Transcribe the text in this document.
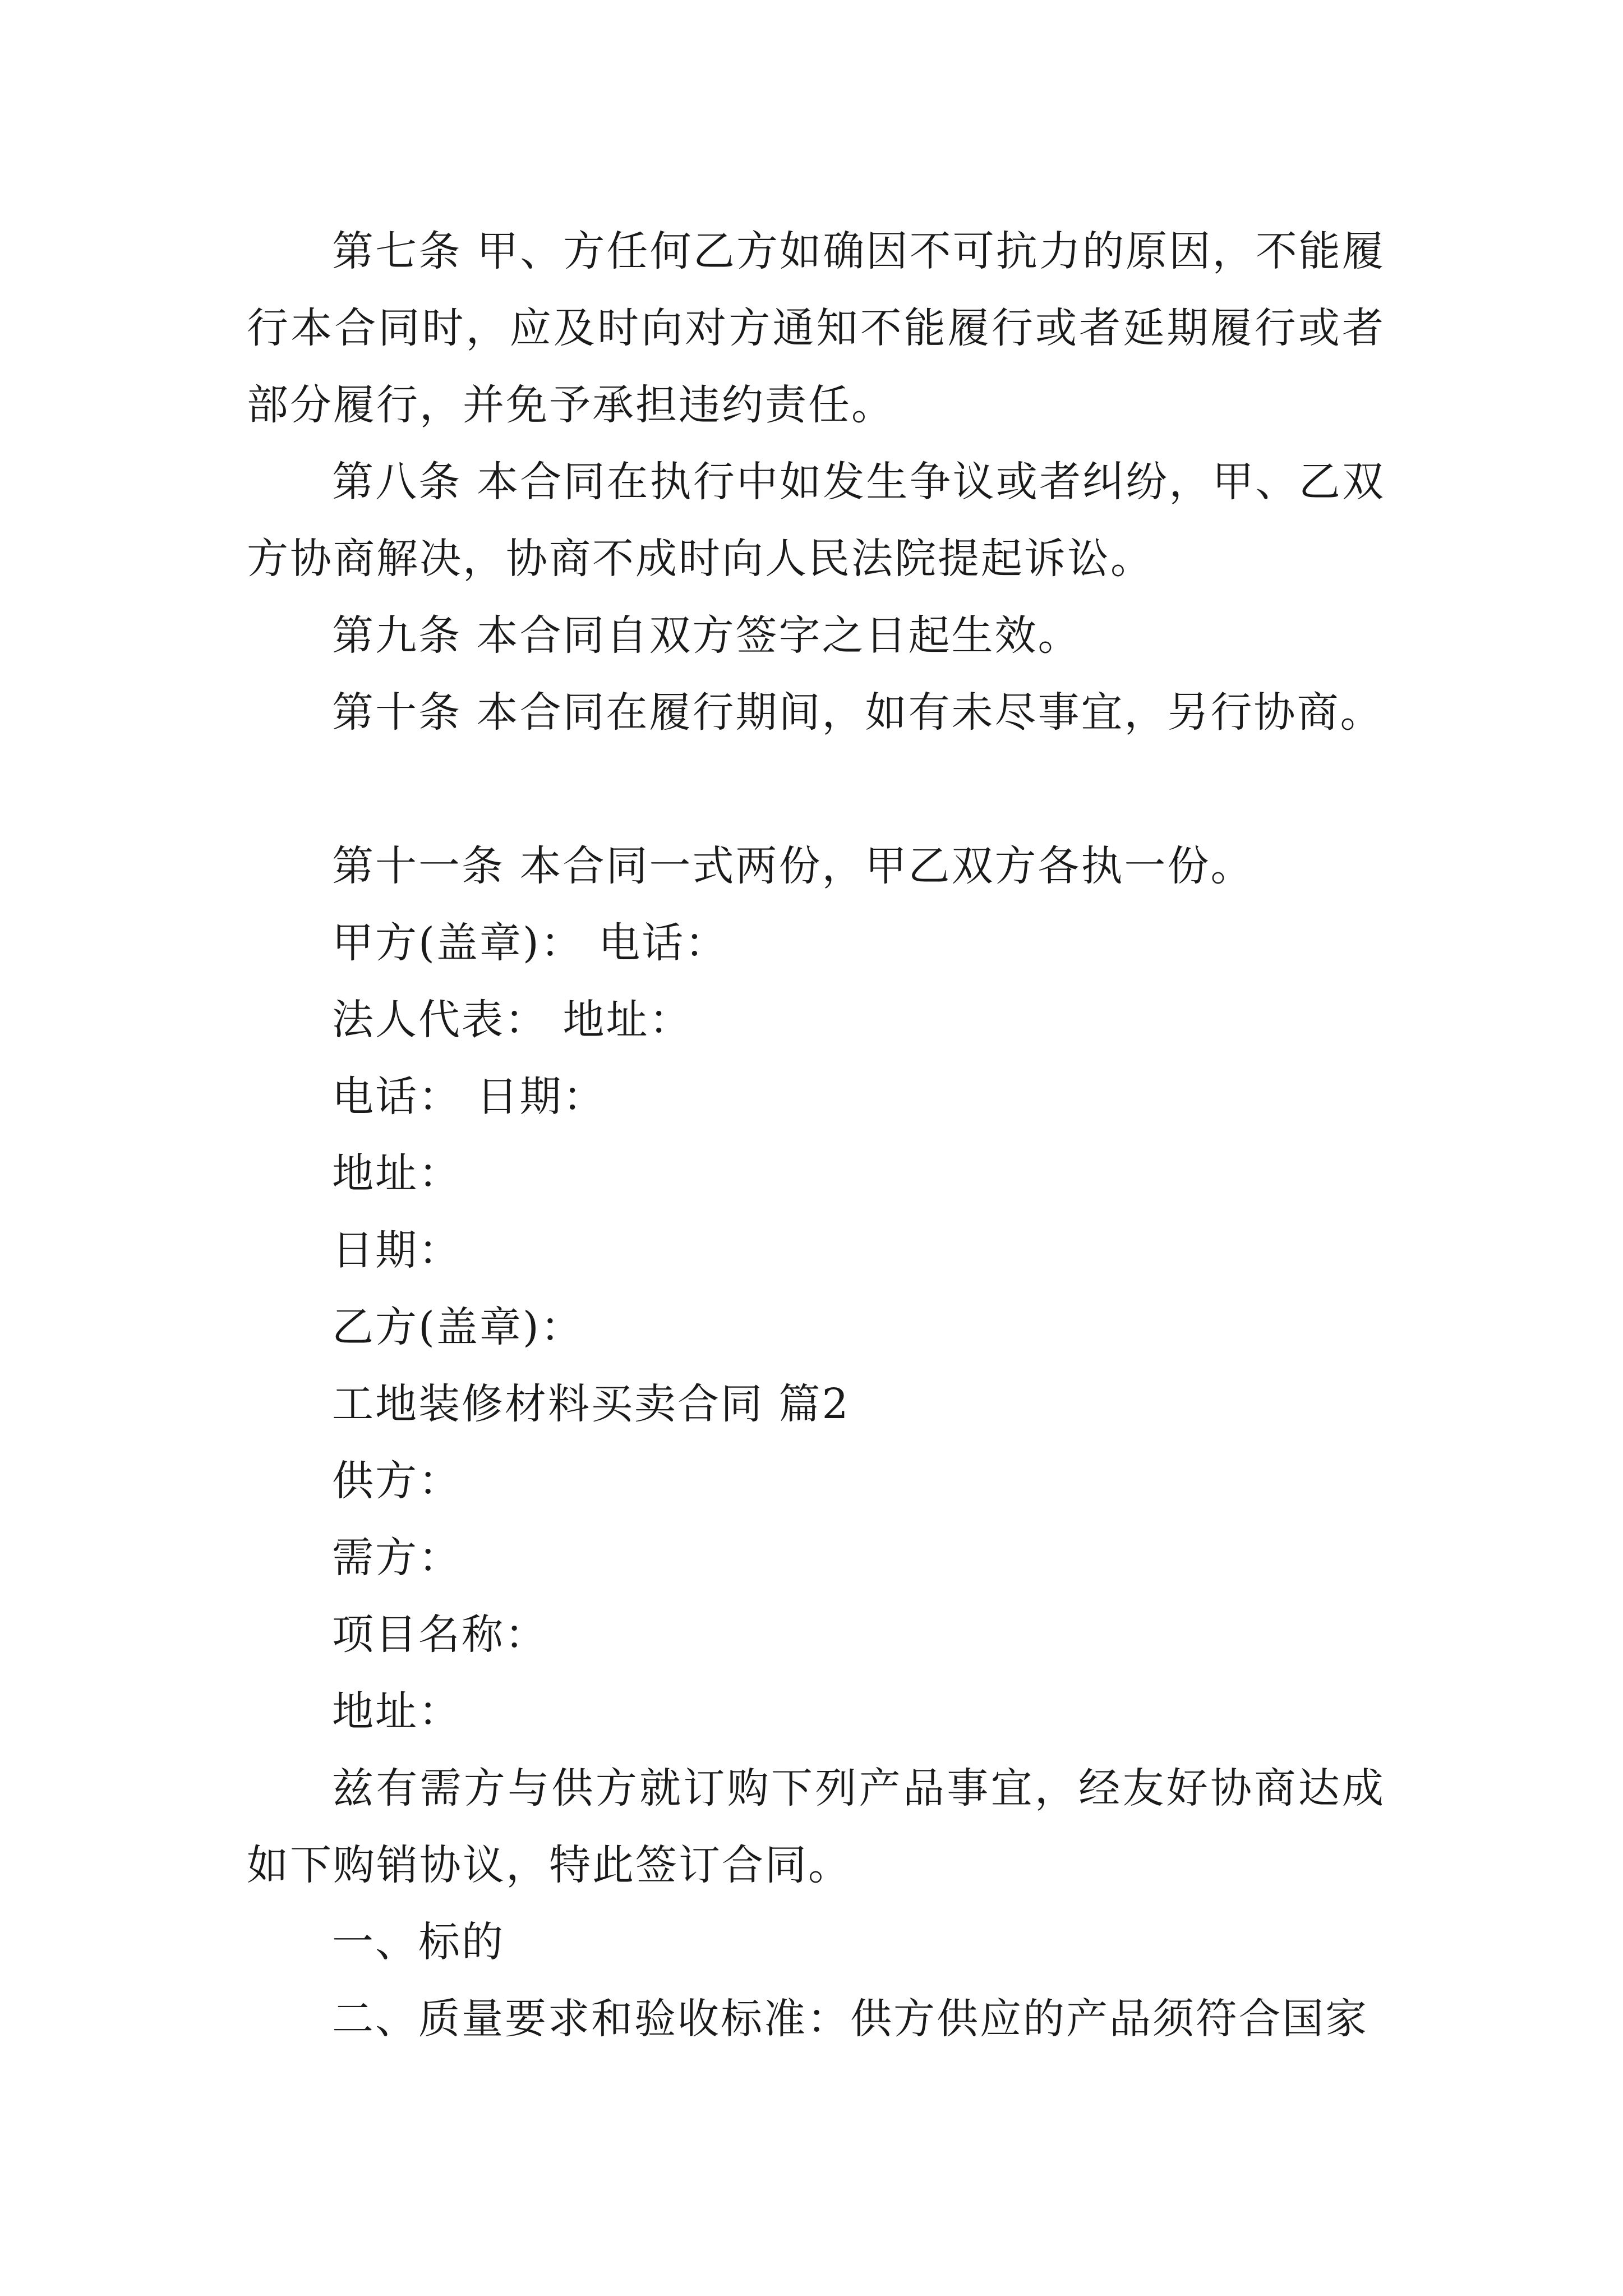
第七条 甲、方任何乙方如确因不可抗力的原因，不能履行本合同时，应及时向对方通知不能履行或者延期履行或者部分履行，并免予承担违约责任。

第八条 本合同在执行中如发生争议或者纠纷，甲、乙双方协商解决，协商不成时向人民法院提起诉讼。

第九条 本合同自双方签字之日起生效。

第十条 本合同在履行期间，如有未尽事宜，另行协商。

第十一条 本合同一式两份，甲乙双方各执一份。

甲方(盖章)： 电话：

法人代表： 地址：

电话： 日期：

地址：

日期：

乙方(盖章)：

工地装修材料买卖合同 篇2

供方：

需方：

项目名称：

地址：

兹有需方与供方就订购下列产品事宜，经友好协商达成如下购销协议，特此签订合同。

一、标的

二、质量要求和验收标准：供方供应的产品须符合国家
